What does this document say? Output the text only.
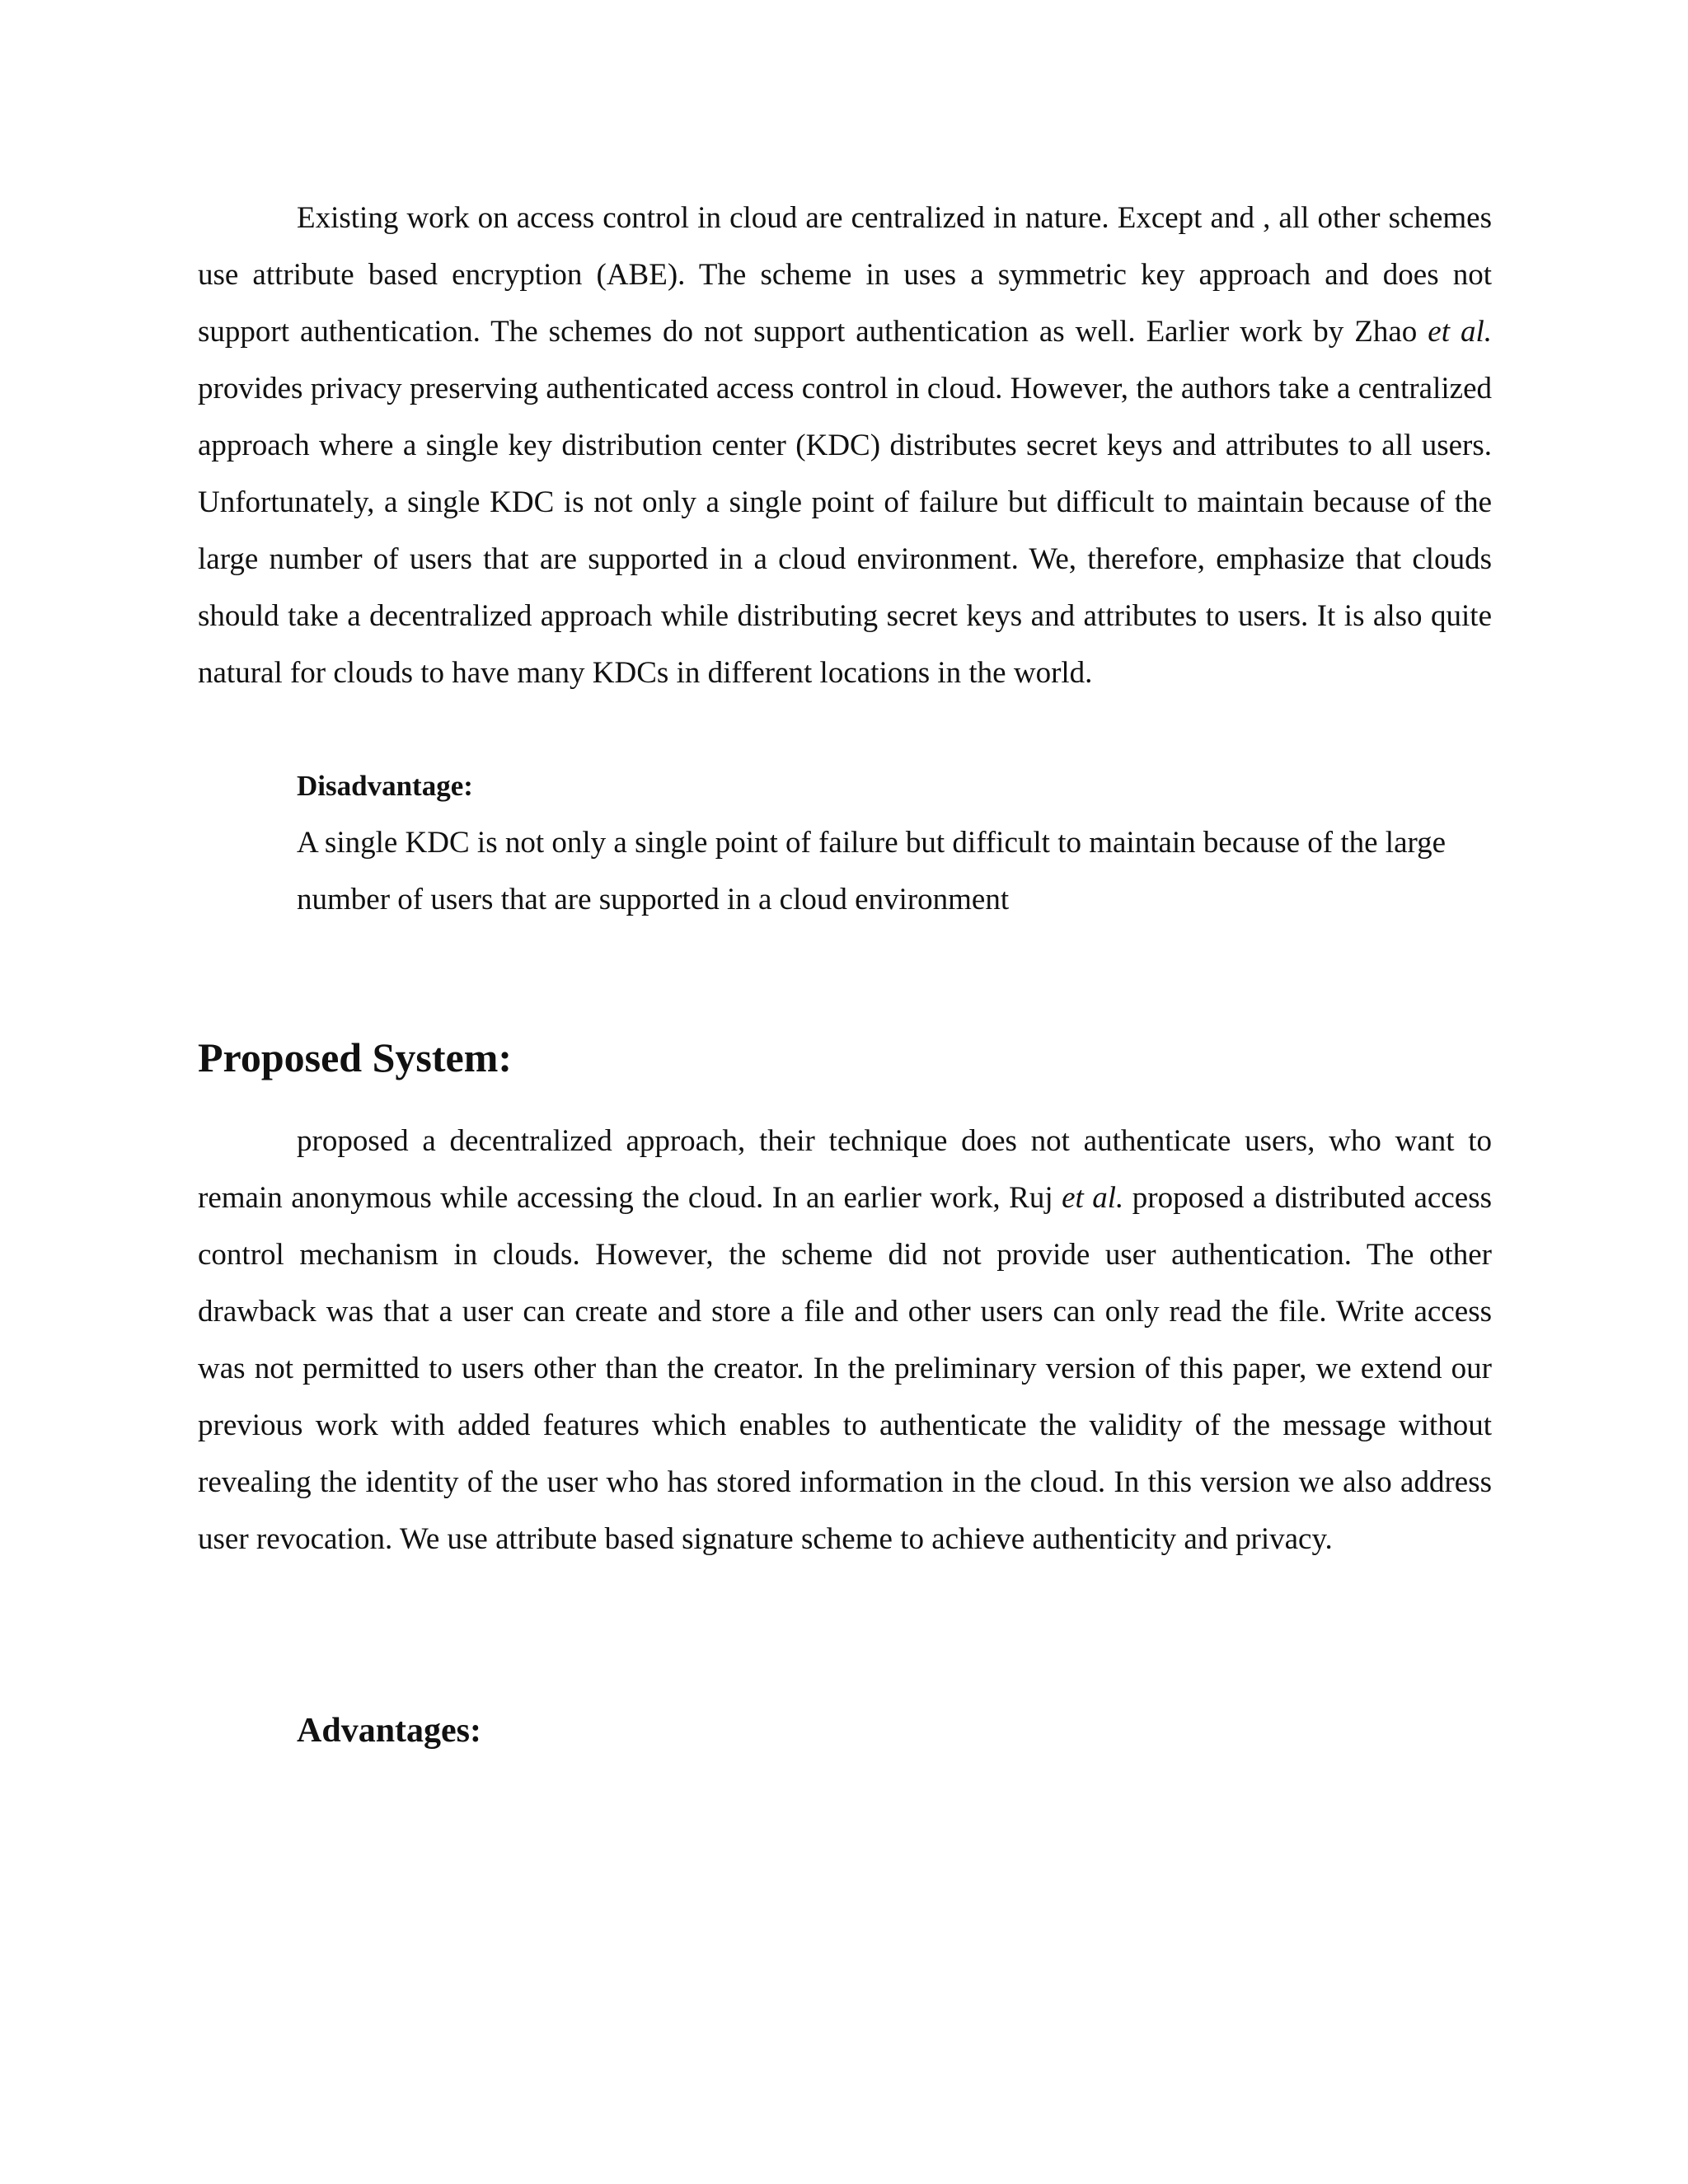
Existing work on access control in cloud are centralized in nature. Except and , all other schemes use attribute based encryption (ABE). The scheme in uses a symmetric key approach and does not support authentication. The schemes do not support authentication as well. Earlier work by Zhao et al. provides privacy preserving authenticated access control in cloud. However, the authors take a centralized approach where a single key distribution center (KDC) distributes secret keys and attributes to all users. Unfortunately, a single KDC is not only a single point of failure but difficult to maintain because of the large number of users that are supported in a cloud environment. We, therefore, emphasize that clouds should take a decentralized approach while distributing secret keys and attributes to users. It is also quite natural for clouds to have many KDCs in different locations in the world.

Disadvantage:
A single KDC is not only a single point of failure but difficult to maintain because of the large number of users that are supported in a cloud environment
Proposed System:

proposed a decentralized approach, their technique does not authenticate users, who want to remain anonymous while accessing the cloud. In an earlier work, Ruj et al. proposed a distributed access control mechanism in clouds. However, the scheme did not provide user authentication. The other drawback was that a user can create and store a file and other users can only read the file. Write access was not permitted to users other than the creator. In the preliminary version of this paper, we extend our previous work with added features which enables to authenticate the validity of the message without revealing the identity of the user who has stored information in the cloud. In this version we also address user revocation. We use attribute based signature scheme to achieve authenticity and privacy.

Advantages:
